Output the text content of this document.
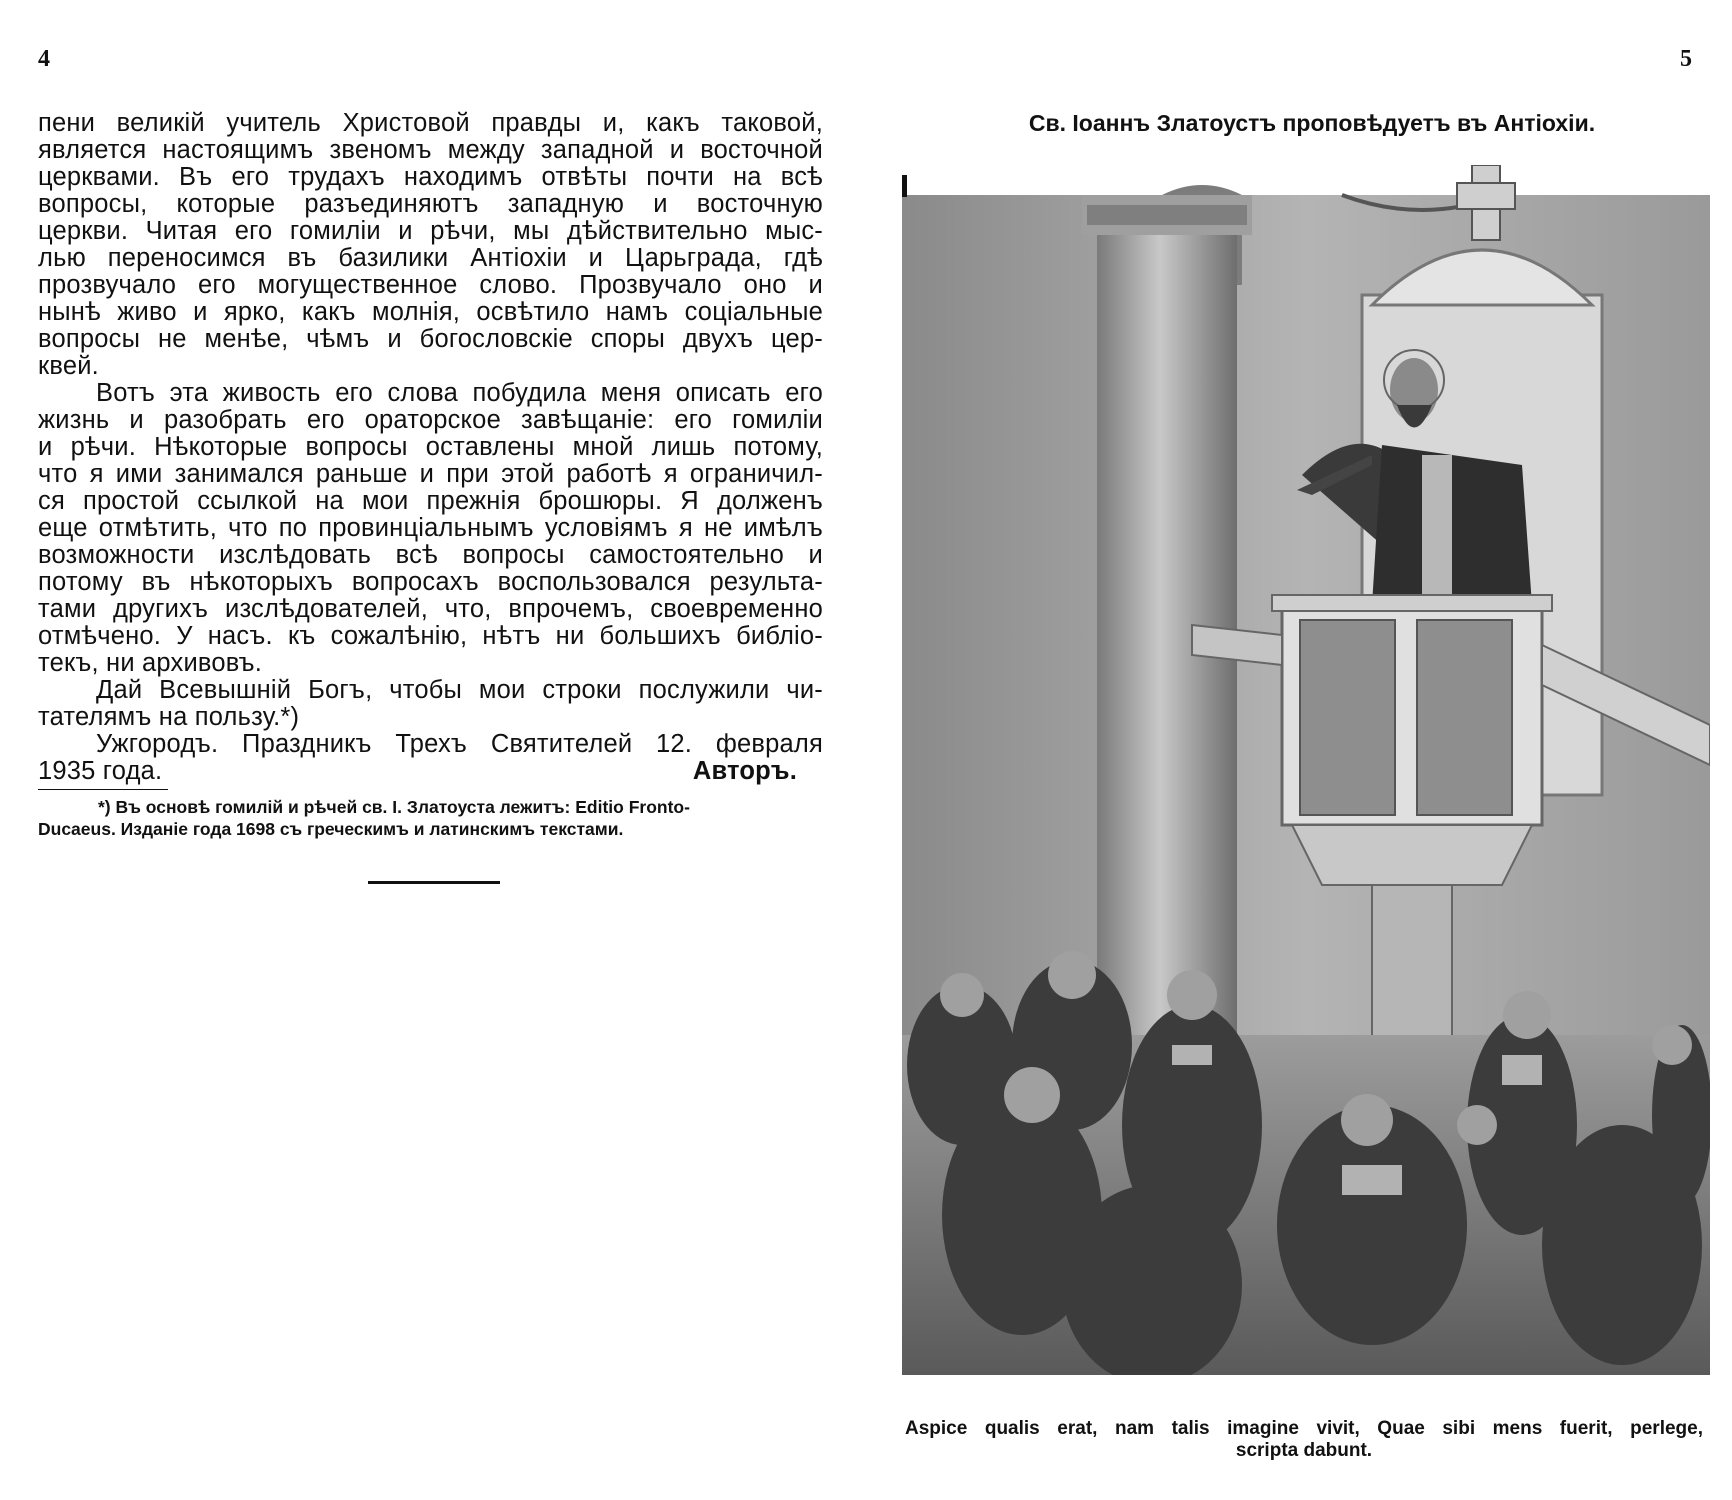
4	5
пени великій учитель Христовой правды и, какъ таковой,
является настоящимъ звеномъ между западной и восточной
церквами. Въ его трудахъ находимъ отвѣты почти на всѣ
вопросы, которые разъединяютъ западную и восточную
церкви. Читая его гомиліи и рѣчи, мы дѣйствительно мыс-
лью переносимся въ базилики Антіохіи и Царьграда, гдѣ
прозвучало его могущественное слово. Прозвучало оно и
нынѣ живо и ярко, какъ молнія, освѣтило намъ соціальные
вопросы не менѣе, чѣмъ и богословскіе споры двухъ цер-
квей.
Вотъ эта живость его слова побудила меня описать его
жизнь и разобрать его ораторское завѣщаніе: его гомиліи
и рѣчи. Нѣкоторые вопросы оставлены мной лишь потому,
что я ими занимался раньше и при этой работѣ я ограничил-
ся простой ссылкой на мои прежнія брошюры. Я долженъ
еще отмѣтить, что по провинціальнымъ условіямъ я не имѣлъ
возможности изслѣдовать всѣ вопросы самостоятельно и
потому въ нѣкоторыхъ вопросахъ воспользовался результа-
тами другихъ изслѣдователей, что, впрочемъ, своевременно
отмѣчено. У насъ. къ сожалѣнію, нѣтъ ни большихъ библіо-
текъ, ни архивовъ.
Дай Всевышній Богъ, чтобы мои строки послужили чи-
тателямъ на пользу.*)
Ужгородъ. Праздникъ Трехъ Святителей 12. февраля
1935 года.	Авторъ.
*) Въ основѣ гомилій и рѣчей св. І. Златоуста лежитъ: Editio Fronto-
Ducaeus. Изданіе года 1698 съ греческимъ и латинскимъ текстами.
Св. Іоаннъ Златоустъ проповѣдуетъ въ Антіохіи.
Aspice qualis erat, nam talis imagine vivit, Quae sibi mens fuerit, perlege,
scripta dabunt.
